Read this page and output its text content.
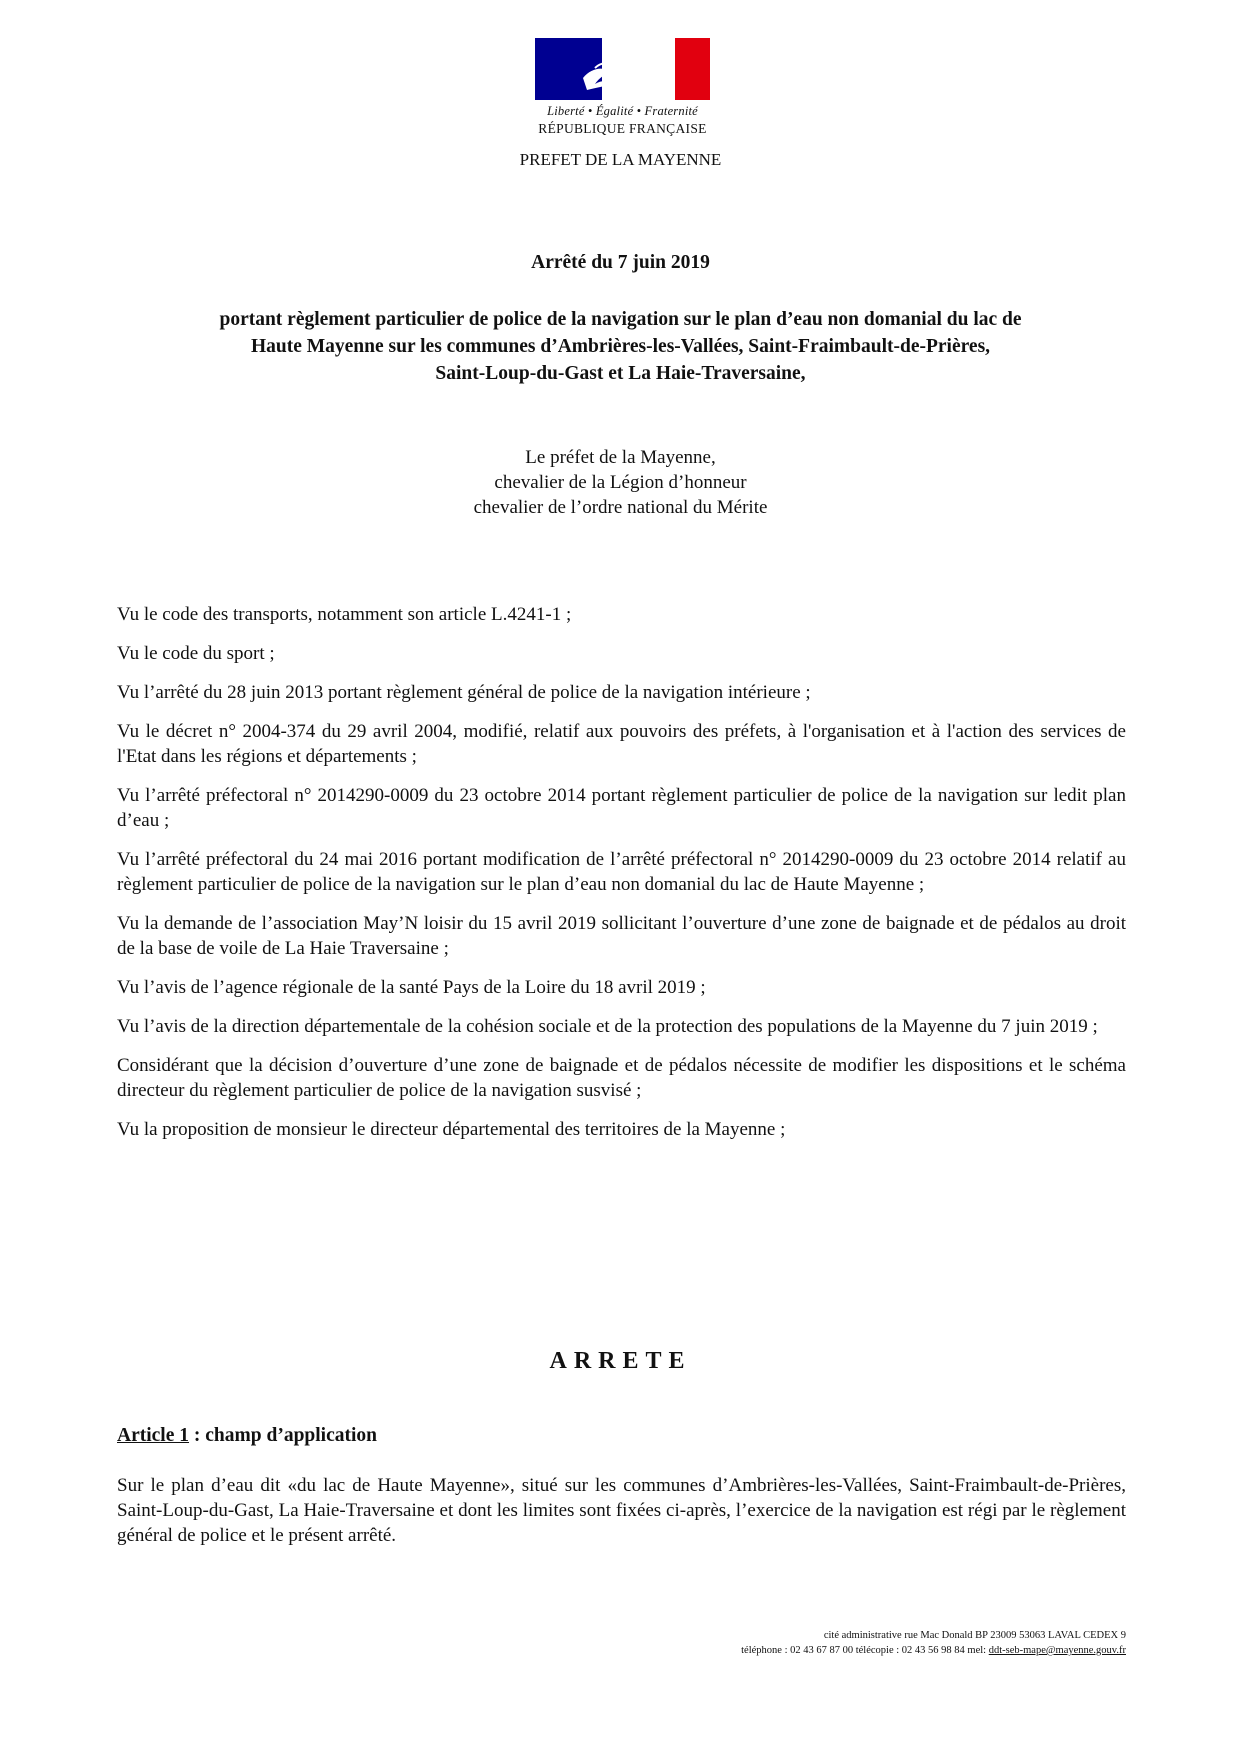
Liberté • Égalité • Fraternité
RÉPUBLIQUE FRANÇAISE
PREFET DE LA MAYENNE
Arrêté du 7 juin 2019
portant règlement particulier de police de la navigation sur le plan d’eau non domanial du lac de
Haute Mayenne sur les communes d’Ambrières-les-Vallées, Saint-Fraimbault-de-Prières,
Saint-Loup-du-Gast et La Haie-Traversaine,
Le préfet de la Mayenne,
chevalier de la Légion d’honneur
chevalier de l’ordre national du Mérite

Vu le code des transports, notamment son article L.4241-1 ;

Vu le code du sport ;

Vu l’arrêté du 28 juin 2013 portant règlement général de police de la navigation intérieure ;

Vu le décret n° 2004-374 du 29 avril 2004, modifié, relatif aux pouvoirs des préfets, à l'organisation et à l'action des services de l'Etat dans les régions et départements ;

Vu l’arrêté préfectoral n° 2014290-0009 du 23 octobre 2014 portant règlement particulier de police de la navigation sur ledit plan d’eau ;

Vu l’arrêté préfectoral du 24 mai 2016 portant modification de l’arrêté préfectoral n° 2014290-0009 du 23 octobre 2014 relatif au règlement particulier de police de la navigation sur le plan d’eau non domanial du lac de Haute Mayenne ;

Vu la demande de l’association May’N loisir du 15 avril 2019 sollicitant l’ouverture d’une zone de baignade et de pédalos au droit de la base de voile de La Haie Traversaine ;

Vu l’avis de l’agence régionale de la santé Pays de la Loire du 18 avril 2019 ;

Vu l’avis de la direction départementale de la cohésion sociale et de la protection des populations de la Mayenne du 7 juin 2019 ;

Considérant que la décision d’ouverture d’une zone de baignade et de pédalos nécessite de modifier les dispositions et le schéma directeur du règlement particulier de police de la navigation susvisé ;

Vu la proposition de monsieur le directeur départemental des territoires de la Mayenne ;

ARRETE
Article 1 : champ d’application
Sur le plan d’eau dit «du lac de Haute Mayenne», situé sur les communes d’Ambrières-les-Vallées, Saint-Fraimbault-de-Prières, Saint-Loup-du-Gast, La Haie-Traversaine et dont les limites sont fixées ci-après, l’exercice de la navigation est régi par le règlement général de police et le présent arrêté.
cité administrative rue Mac Donald BP 23009 53063 LAVAL CEDEX 9
téléphone : 02 43 67 87 00 télécopie : 02 43 56 98 84 mel: ddt-seb-mape@mayenne.gouv.fr
